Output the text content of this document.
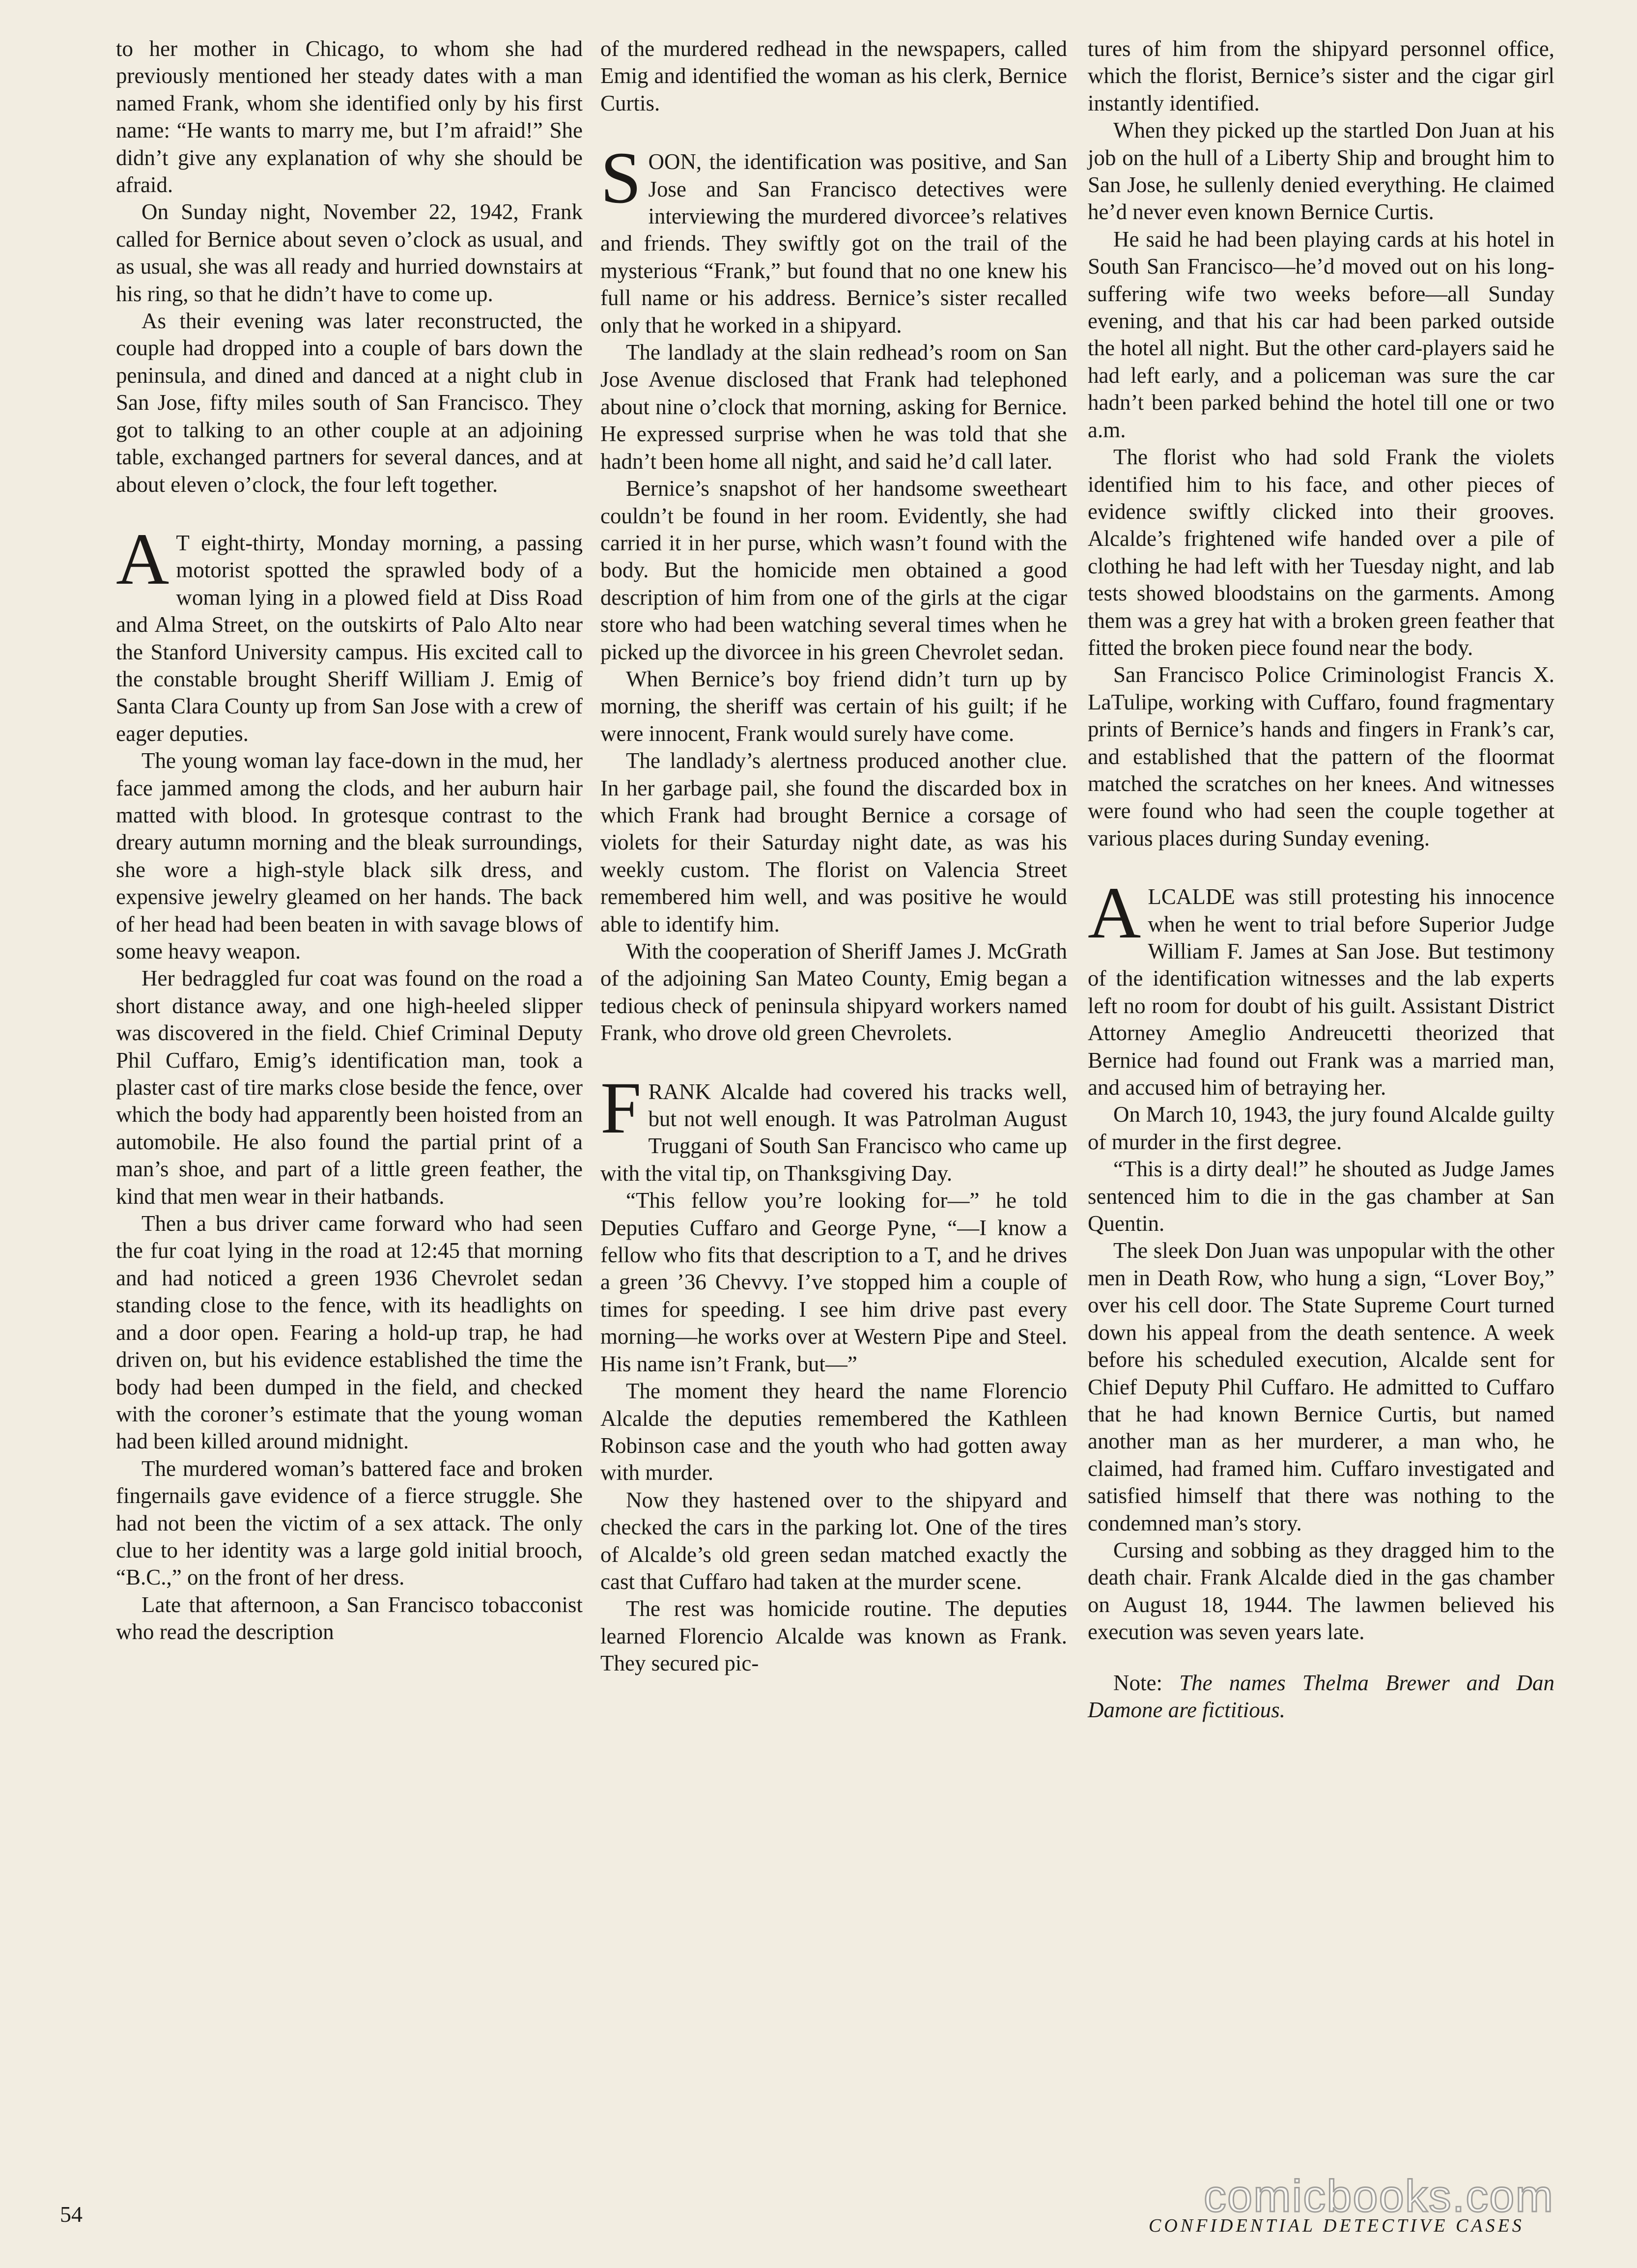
to her mother in Chicago, to whom she had previously mentioned her steady dates with a man named Frank, whom she identified only by his first name: “He wants to marry me, but I’m afraid!” She didn’t give any explanation of why she should be afraid.

On Sunday night, November 22, 1942, Frank called for Bernice about seven o’clock as usual, and as usual, she was all ready and hurried downstairs at his ring, so that he didn’t have to come up.

As their evening was later reconstructed, the couple had dropped into a couple of bars down the peninsula, and dined and danced at a night club in San Jose, fifty miles south of San Francisco. They got to talking to an other couple at an adjoining table, exchanged partners for several dances, and at about eleven o’clock, the four left together.

A T eight-thirty, Monday morning, a passing motorist spotted the sprawled body of a woman lying in a plowed field at Diss Road and Alma Street, on the outskirts of Palo Alto near the Stanford University campus. His excited call to the constable brought Sheriff William J. Emig of Santa Clara County up from San Jose with a crew of eager deputies.

The young woman lay face-down in the mud, her face jammed among the clods, and her auburn hair matted with blood. In grotesque contrast to the dreary autumn morning and the bleak surroundings, she wore a high-style black silk dress, and expensive jewelry gleamed on her hands. The back of her head had been beaten in with savage blows of some heavy weapon.

Her bedraggled fur coat was found on the road a short distance away, and one high-heeled slipper was discovered in the field. Chief Criminal Deputy Phil Cuffaro, Emig’s identification man, took a plaster cast of tire marks close beside the fence, over which the body had apparently been hoisted from an automobile. He also found the partial print of a man’s shoe, and part of a little green feather, the kind that men wear in their hatbands.

Then a bus driver came forward who had seen the fur coat lying in the road at 12:45 that morning and had noticed a green 1936 Chevrolet sedan standing close to the fence, with its headlights on and a door open. Fearing a hold-up trap, he had driven on, but his evidence established the time the body had been dumped in the field, and checked with the coroner’s estimate that the young woman had been killed around midnight.

The murdered woman’s battered face and broken fingernails gave evidence of a fierce struggle. She had not been the victim of a sex attack. The only clue to her identity was a large gold initial brooch, “B.C.,” on the front of her dress.

Late that afternoon, a San Francisco tobacconist who read the description

of the murdered redhead in the newspapers, called Emig and identified the woman as his clerk, Bernice Curtis.

SOON, the identification was positive, and San Jose and San Francisco detectives were interviewing the murdered divorcee’s relatives and friends. They swiftly got on the trail of the mysterious “Frank,” but found that no one knew his full name or his address. Bernice’s sister recalled only that he worked in a shipyard.

The landlady at the slain redhead’s room on San Jose Avenue disclosed that Frank had telephoned about nine o’clock that morning, asking for Bernice. He expressed surprise when he was told that she hadn’t been home all night, and said he’d call later.

Bernice’s snapshot of her handsome sweetheart couldn’t be found in her room. Evidently, she had carried it in her purse, which wasn’t found with the body. But the homicide men obtained a good description of him from one of the girls at the cigar store who had been watching several times when he picked up the divorcee in his green Chevrolet sedan.

When Bernice’s boy friend didn’t turn up by morning, the sheriff was certain of his guilt; if he were innocent, Frank would surely have come.

The landlady’s alertness produced another clue. In her garbage pail, she found the discarded box in which Frank had brought Bernice a corsage of violets for their Saturday night date, as was his weekly custom. The florist on Valencia Street remembered him well, and was positive he would able to identify him.

With the cooperation of Sheriff James J. McGrath of the adjoining San Mateo County, Emig began a tedious check of peninsula shipyard workers named Frank, who drove old green Chevrolets.

FRANK Alcalde had covered his tracks well, but not well enough. It was Patrolman August Truggani of South San Francisco who came up with the vital tip, on Thanksgiving Day.

“This fellow you’re looking for—” he told Deputies Cuffaro and George Pyne, “—I know a fellow who fits that description to a T, and he drives a green ’36 Chevvy. I’ve stopped him a couple of times for speeding. I see him drive past every morning—he works over at Western Pipe and Steel. His name isn’t Frank, but—”

The moment they heard the name Florencio Alcalde the deputies remembered the Kathleen Robinson case and the youth who had gotten away with murder.

Now they hastened over to the shipyard and checked the cars in the parking lot. One of the tires of Alcalde’s old green sedan matched exactly the cast that Cuffaro had taken at the murder scene.

The rest was homicide routine. The deputies learned Florencio Alcalde was known as Frank. They secured pic-

tures of him from the shipyard personnel office, which the florist, Bernice’s sister and the cigar girl instantly identified.

When they picked up the startled Don Juan at his job on the hull of a Liberty Ship and brought him to San Jose, he sullenly denied everything. He claimed he’d never even known Bernice Curtis.

He said he had been playing cards at his hotel in South San Francisco—he’d moved out on his long-suffering wife two weeks before—all Sunday evening, and that his car had been parked outside the hotel all night. But the other card-players said he had left early, and a policeman was sure the car hadn’t been parked behind the hotel till one or two a.m.

The florist who had sold Frank the violets identified him to his face, and other pieces of evidence swiftly clicked into their grooves. Alcalde’s frightened wife handed over a pile of clothing he had left with her Tuesday night, and lab tests showed bloodstains on the garments. Among them was a grey hat with a broken green feather that fitted the broken piece found near the body.

San Francisco Police Criminologist Francis X. LaTulipe, working with Cuffaro, found fragmentary prints of Bernice’s hands and fingers in Frank’s car, and established that the pattern of the floormat matched the scratches on her knees. And witnesses were found who had seen the couple together at various places during Sunday evening.

ALCALDE was still protesting his innocence when he went to trial before Superior Judge William F. James at San Jose. But testimony of the identification witnesses and the lab experts left no room for doubt of his guilt. Assistant District Attorney Ameglio Andreucetti theorized that Bernice had found out Frank was a married man, and accused him of betraying her.

On March 10, 1943, the jury found Alcalde guilty of murder in the first degree.

“This is a dirty deal!” he shouted as Judge James sentenced him to die in the gas chamber at San Quentin.

The sleek Don Juan was unpopular with the other men in Death Row, who hung a sign, “Lover Boy,” over his cell door. The State Supreme Court turned down his appeal from the death sentence. A week before his scheduled execution, Alcalde sent for Chief Deputy Phil Cuffaro. He admitted to Cuffaro that he had known Bernice Curtis, but named another man as her murderer, a man who, he claimed, had framed him. Cuffaro investigated and satisfied himself that there was nothing to the condemned man’s story.

Cursing and sobbing as they dragged him to the death chair. Frank Alcalde died in the gas chamber on August 18, 1944. The lawmen believed his execution was seven years late.

Note: The names Thelma Brewer and Dan Damone are fictitious.

54	comicbooks.com
CONFIDENTIAL DETECTIVE CASES
